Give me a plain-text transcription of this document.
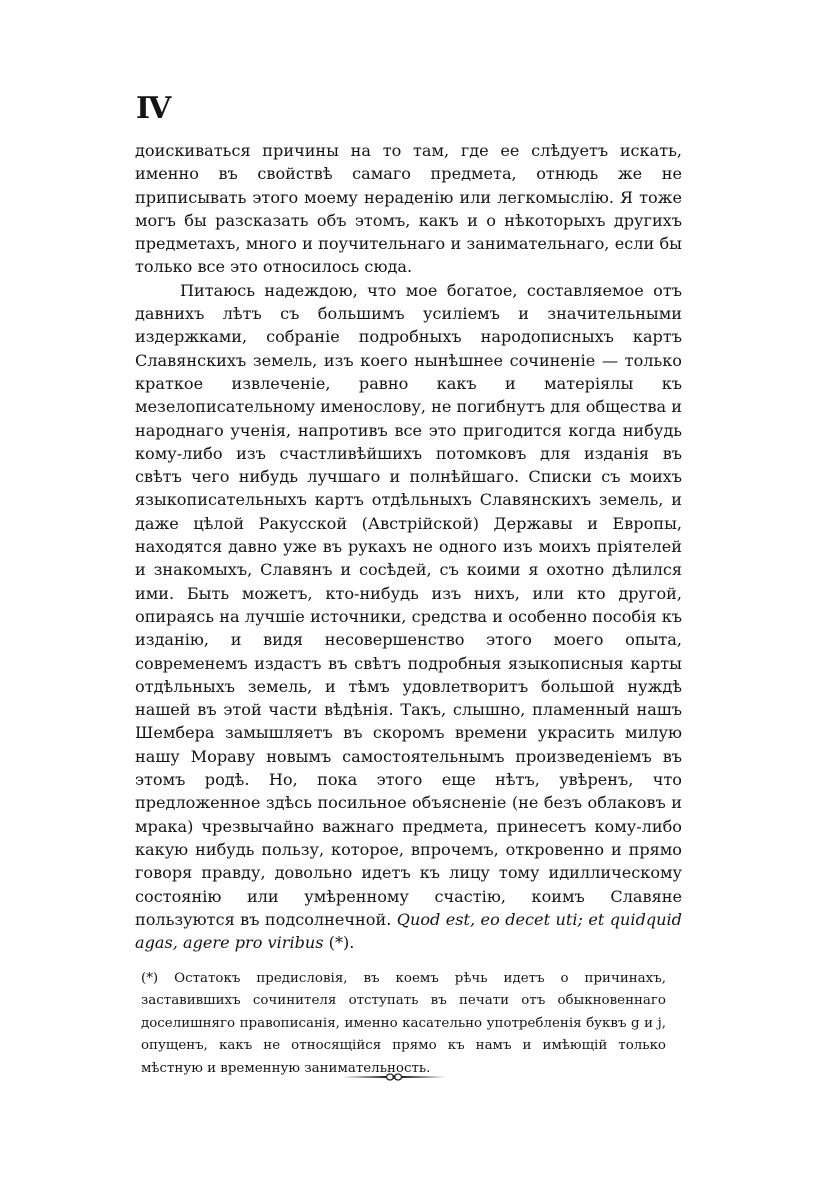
IV

доискиваться причины на то там, где ее слѣдуетъ искать, именно въ свойствѣ самаго предмета, отнюдь же не приписывать этого моему нераденію или легкомыслію. Я тоже могъ бы разсказать объ этомъ, какъ и о нѣкоторыхъ другихъ предметахъ, много и поучительнаго и занимательнаго, если бы только все это относилось сюда.

Питаюсь надеждою, что мое богатое, составляемое отъ давнихъ лѣтъ съ большимъ усиліемъ и значительными издержками, собраніе подробныхъ народописныхъ картъ Славянскихъ земель, изъ коего нынѣшнее сочиненіе — только краткое извлеченіе, равно какъ и матеріялы къ мезелописательному именослову, не погибнутъ для общества и народнаго ученія, напротивъ все это пригодится когда нибудь кому-либо изъ счастливѣйшихъ потомковъ для изданія въ свѣтъ чего нибудь лучшаго и полнѣйшаго. Списки съ моихъ языкописательныхъ картъ отдѣльныхъ Славянскихъ земель, и даже цѣлой Ракусской (Австрійской) Державы и Европы, находятся давно уже въ рукахъ не одного изъ моихъ пріятелей и знакомыхъ, Славянъ и сосѣдей, съ коими я охотно дѣлился ими. Быть можетъ, кто-нибудь изъ нихъ, или кто другой, опираясь на лучшіе источники, средства и особенно пособія къ изданію, и видя несовершенство этого моего опыта, современемъ издастъ въ свѣтъ подробныя языкописныя карты отдѣльныхъ земель, и тѣмъ удовлетворитъ большой нуждѣ нашей въ этой части вѣдѣнія. Такъ, слышно, пламенный нашъ Шембера замышляетъ въ скоромъ времени украсить милую нашу Мораву новымъ самостоятельнымъ произведеніемъ въ этомъ родѣ. Но, пока этого еще нѣтъ, увѣренъ, что предложенное здѣсь посильное объясненіе (не безъ облаковъ и мрака) чрезвычайно важнаго предмета, принесетъ кому-либо какую нибудь пользу, которое, впрочемъ, откровенно и прямо говоря правду, довольно идетъ къ лицу тому идиллическому состоянію или умѣренному счастію, коимъ Славяне пользуются въ подсолнечной. Quod est, eo decet uti; et quidquid agas, agere pro viribus (*).

(*) Остатокъ предисловія, въ коемъ рѣчь идетъ о причинахъ, заставившихъ сочинителя отступать въ печати отъ обыкновеннаго доселишняго правописанія, именно касательно употребленія буквъ g и j, опущенъ, какъ не относящійся прямо къ намъ и имѣющій только мѣстную и временную занимательность.
